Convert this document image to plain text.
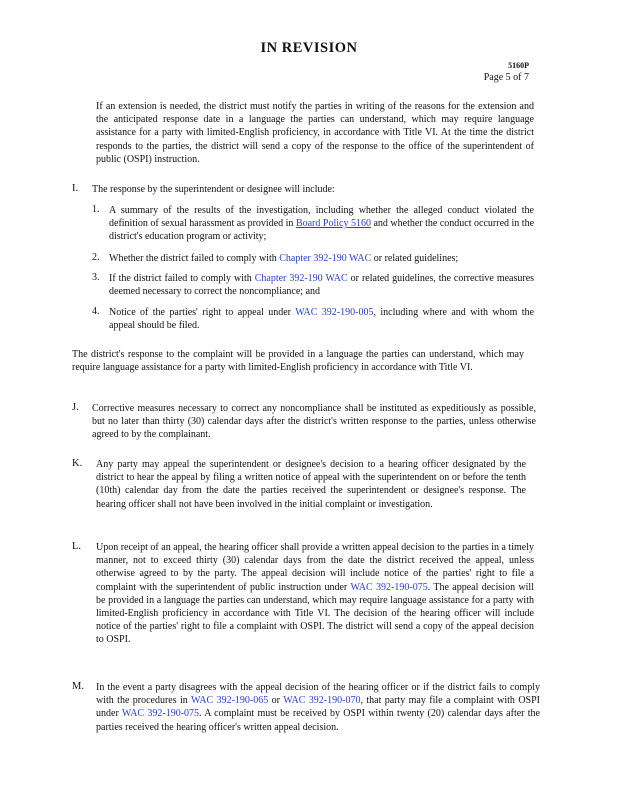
IN REVISION
5160P
Page 5 of 7

If an extension is needed, the district must notify the parties in writing of the reasons for the extension and the anticipated response date in a language the parties can understand, which may require language assistance for a party with limited-English proficiency, in accordance with Title VI. At the time the district responds to the parties, the district will send a copy of the response to the office of the superintendent of public (OSPI) instruction.

I. The response by the superintendent or designee will include:

1. A summary of the results of the investigation, including whether the alleged conduct violated the definition of sexual harassment as provided in Board Policy 5160 and whether the conduct occurred in the district's education program or activity;

2. Whether the district failed to comply with Chapter 392-190 WAC or related guidelines;

3. If the district failed to comply with Chapter 392-190 WAC or related guidelines, the corrective measures deemed necessary to correct the noncompliance; and

4. Notice of the parties' right to appeal under WAC 392-190-005, including where and with whom the appeal should be filed.

The district's response to the complaint will be provided in a language the parties can understand, which may require language assistance for a party with limited-English proficiency in accordance with Title VI.

J. Corrective measures necessary to correct any noncompliance shall be instituted as expeditiously as possible, but no later than thirty (30) calendar days after the district's written response to the parties, unless otherwise agreed to by the complainant.

K. Any party may appeal the superintendent or designee's decision to a hearing officer designated by the district to hear the appeal by filing a written notice of appeal with the superintendent on or before the tenth (10th) calendar day from the date the parties received the superintendent or designee's response. The hearing officer shall not have been involved in the initial complaint or investigation.

L. Upon receipt of an appeal, the hearing officer shall provide a written appeal decision to the parties in a timely manner, not to exceed thirty (30) calendar days from the date the district received the appeal, unless otherwise agreed to by the party. The appeal decision will include notice of the parties' right to file a complaint with the superintendent of public instruction under WAC 392-190-075. The appeal decision will be provided in a language the parties can understand, which may require language assistance for a party with limited-English proficiency in accordance with Title VI. The decision of the hearing officer will include notice of the parties' right to file a complaint with OSPI. The district will send a copy of the appeal decision to OSPI.

M. In the event a party disagrees with the appeal decision of the hearing officer or if the district fails to comply with the procedures in WAC 392-190-065 or WAC 392-190-070, that party may file a complaint with OSPI under WAC 392-190-075. A complaint must be received by OSPI within twenty (20) calendar days after the parties received the hearing officer's written appeal decision.
